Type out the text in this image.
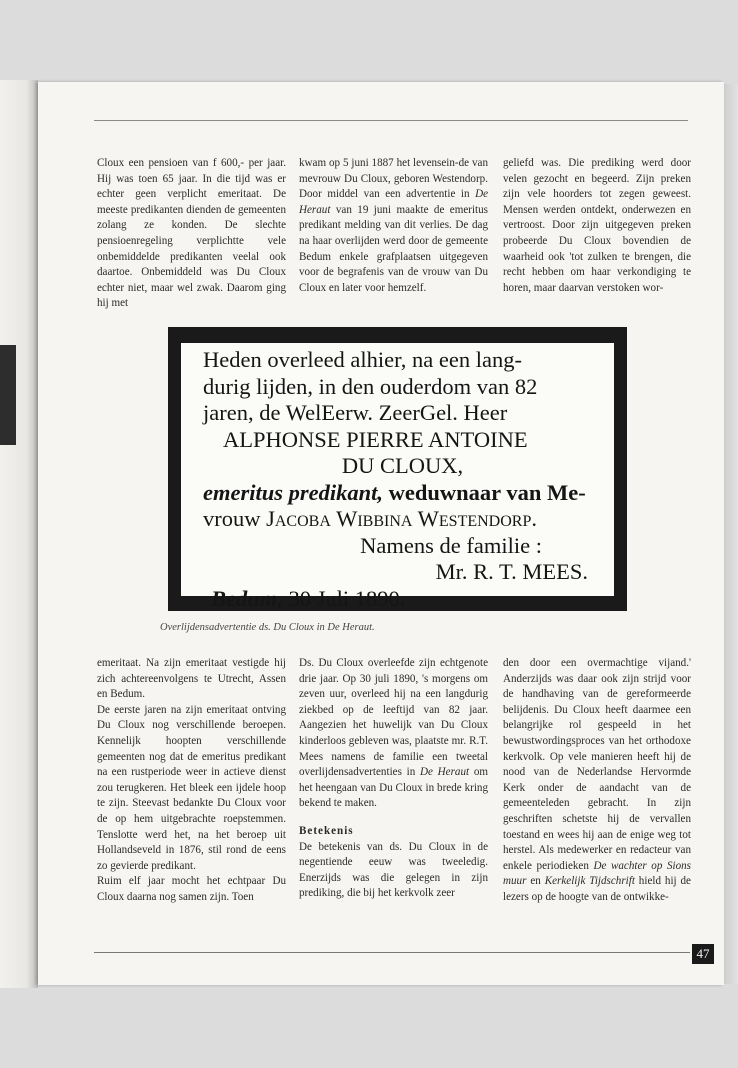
Cloux een pensioen van f 600,- per jaar. Hij was toen 65 jaar. In die tijd was er echter geen verplicht emeritaat. De meeste predikanten dienden de gemeenten zolang ze konden. De slechte pensioenregeling verplichtte vele onbemiddelde predikanten veelal ook daartoe. Onbemiddeld was Du Cloux echter niet, maar wel zwak. Daarom ging hij met

kwam op 5 juni 1887 het levensein-de van mevrouw Du Cloux, geboren Westendorp. Door middel van een advertentie in De Heraut van 19 juni maakte de emeritus predikant melding van dit verlies. De dag na haar overlijden werd door de gemeente Bedum enkele grafplaatsen uitgegeven voor de begrafenis van de vrouw van Du Cloux en later voor hemzelf.

geliefd was. Die prediking werd door velen gezocht en begeerd. Zijn preken zijn vele hoorders tot zegen geweest. Mensen werden ontdekt, onderwezen en vertroost. Door zijn uitgegeven preken probeerde Du Cloux bovendien de waarheid ook 'tot zulken te brengen, die recht hebben om haar verkondiging te horen, maar daarvan verstoken wor-

Heden overleed alhier, na een lang-
durig lijden, in den ouderdom van 82
jaren, de WelEerw. ZeerGel. Heer
ALPHONSE PIERRE ANTOINE
DU CLOUX,
emeritus predikant, weduwnaar van Me-
vrouw Jacoba Wibbina Westendorp.
Namens de familie :
Mr. R. T. MEES.
Bedum, 30 Juli 1890.
Overlijdensadvertentie ds. Du Cloux in De Heraut.

emeritaat. Na zijn emeritaat vestigde hij zich achtereenvolgens te Utrecht, Assen en Bedum.

De eerste jaren na zijn emeritaat ontving Du Cloux nog verschillende beroepen. Kennelijk hoopten verschillende gemeenten nog dat de emeritus predikant na een rustperiode weer in actieve dienst zou terugkeren. Het bleek een ijdele hoop te zijn. Steevast bedankte Du Cloux voor de op hem uitgebrachte roepstemmen. Tenslotte werd het, na het beroep uit Hollandseveld in 1876, stil rond de eens zo gevierde predikant.

Ruim elf jaar mocht het echtpaar Du Cloux daarna nog samen zijn. Toen

Ds. Du Cloux overleefde zijn echtgenote drie jaar. Op 30 juli 1890, 's morgens om zeven uur, overleed hij na een langdurig ziekbed op de leeftijd van 82 jaar. Aangezien het huwelijk van Du Cloux kinderloos gebleven was, plaatste mr. R.T. Mees namens de familie een tweetal overlijdensadvertenties in De Heraut om het heengaan van Du Cloux in brede kring bekend te maken.

Betekenis

De betekenis van ds. Du Cloux in de negentiende eeuw was tweeledig. Enerzijds was die gelegen in zijn prediking, die bij het kerkvolk zeer

den door een overmachtige vijand.' Anderzijds was daar ook zijn strijd voor de handhaving van de gereformeerde belijdenis. Du Cloux heeft daarmee een belangrijke rol gespeeld in het bewustwordingsproces van het orthodoxe kerkvolk. Op vele manieren heeft hij de nood van de Nederlandse Hervormde Kerk onder de aandacht van de gemeenteleden gebracht. In zijn geschriften schetste hij de vervallen toestand en wees hij aan de enige weg tot herstel. Als medewerker en redacteur van enkele periodieken De wachter op Sions muur en Kerkelijk Tijdschrift hield hij de lezers op de hoogte van de ontwikke-

47
